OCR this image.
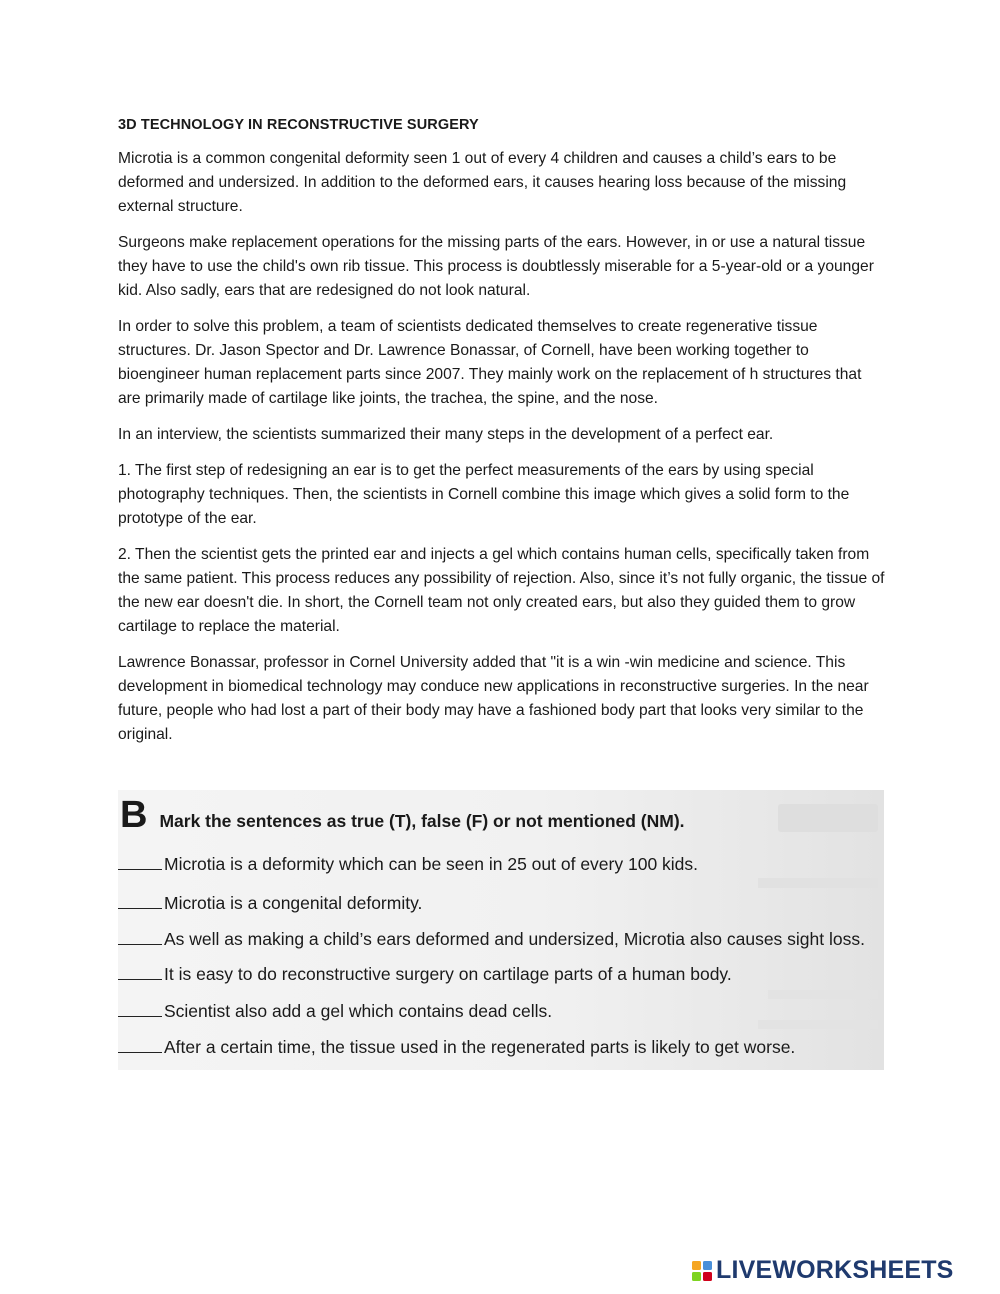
3D TECHNOLOGY IN RECONSTRUCTIVE SURGERY

Microtia is a common congenital deformity seen 1 out of every 4 children and causes a child’s ears to be deformed and undersized. In addition to the deformed ears, it causes hearing loss because of the missing external structure.

Surgeons make replacement operations for the missing parts of the ears. However, in or use a natural tissue they have to use the child's own rib tissue. This process is doubtlessly miserable for a 5-year-old or a younger kid. Also sadly, ears that are redesigned do not look natural.

In order to solve this problem, a team of scientists dedicated themselves to create regenerative tissue structures. Dr. Jason Spector and Dr. Lawrence Bonassar, of Cornell, have been working together to bioengineer human replacement parts since 2007. They mainly work on the replacement of h structures that are primarily made of cartilage like joints, the trachea, the spine, and the nose.

In an interview, the scientists summarized their many steps in the development of a perfect ear.

1. The first step of redesigning an ear is to get the perfect measurements of the ears by using special photography techniques. Then, the scientists in Cornell combine this image which gives a solid form to the prototype of the ear.

2. Then the scientist gets the printed ear and injects a gel which contains human cells, specifically taken from the same patient. This process reduces any possibility of rejection. Also, since it’s not fully organic, the tissue of the new ear doesn't die. In short, the Cornell team not only created ears, but also they guided them to grow cartilage to replace the material.

Lawrence Bonassar, professor in Cornel University added that "it is a win -win medicine and science. This development in biomedical technology may conduce new applications in reconstructive surgeries. In the near future, people who had lost a part of their body may have a fashioned body part that looks very similar to the original.

B Mark the sentences as true (T), false (F) or not mentioned (NM).
Microtia is a deformity which can be seen in 25 out of every 100 kids.
Microtia is a congenital deformity.
As well as making a child’s ears deformed and undersized, Microtia also causes sight loss.
It is easy to do reconstructive surgery on cartilage parts of a human body.
Scientist also add a gel which contains dead cells.
After a certain time, the tissue used in the regenerated parts is likely to get worse.
LIVEWORKSHEETS
